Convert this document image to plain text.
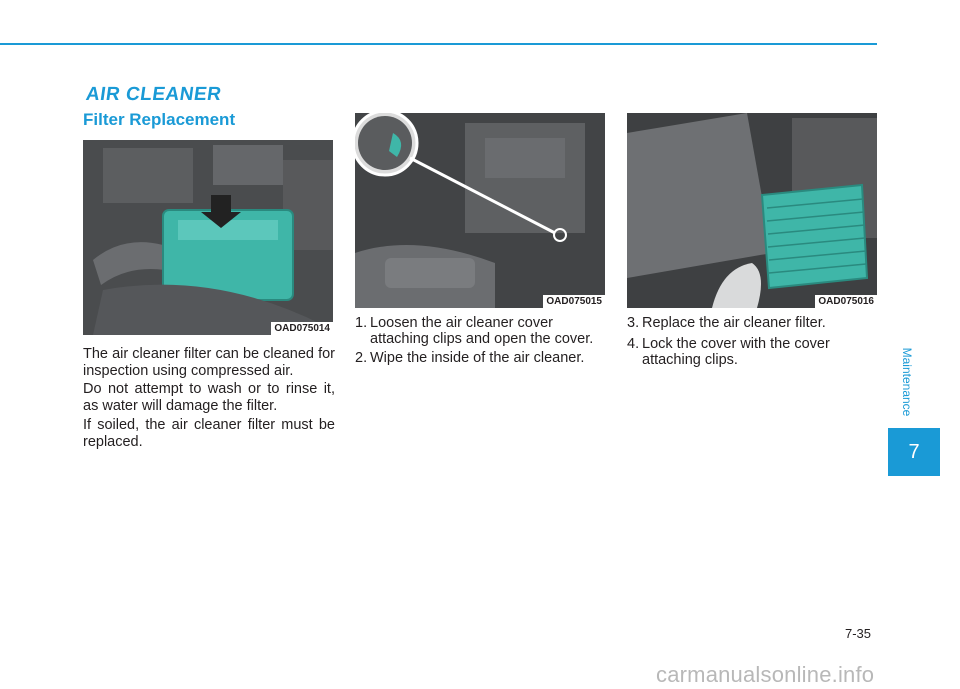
AIR CLEANER
Filter Replacement
OAD075014
OAD075015	OAD075016

The air cleaner filter can be cleaned for inspection using compressed air.

Do not attempt to wash or to rinse it, as water will damage the filter.

If soiled, the air cleaner filter must be replaced.

1. Loosen the air cleaner cover
attaching clips and open the cover.
2. Wipe the inside of the air cleaner.
3. Replace the air cleaner filter.
4. Lock the cover with the cover
attaching clips.	Maintenance
7
7-35
carmanualsonline.info
